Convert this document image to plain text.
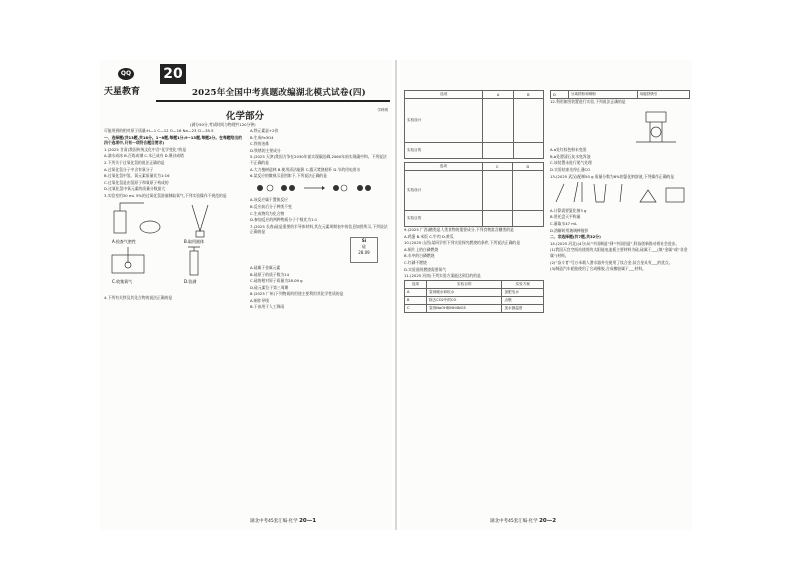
QQ
天星教育
20
2025年全国中考真题改编湖北模式试卷(四)
化学部分
学科网
(满分50分,考试时间与物理共120分钟)

可能用到的相对原子质量:H—1 C—12 O—16 Na—23 Cl—35.5

一、选择题(共13题,共18分。1~8题,每题1分;9~13题,每题2分。在每题给出的四个选项中,只有一项符合题目要求)

1.(2025 甘肃)我国传统文化中含“化学变化”的是

A.滴水成冰 B.百炼成钢 C.木已成舟 D.聚沙成塔

2.下列关于过氧化氢的说法正确的是

A.过氧化氢分子中含有氧分子

B.过氧化氢中氢、氧元素质量比为1:16

C.过氧化氢是由氢原子和氧原子构成的

D.过氧化氢中氧元素的质量分数最大

3.实验室用30 mL 5%的过氧化氢溶液制取氧气,下列实验操作不规范的是

A.检查气密性	B.取用液体
C.收集氧气	D.验满

4.下列有关铁及其化合物的说法正确的是

A.铁元素显+2价

B.生成Fe3O4

C.铁的冶炼

D.铁锈的主要成分

5.(2025 天津)我国力争在2030年前实现碳达峰,2060年前实现碳中和。下列说法不正确的是

A.大力植树造林 B.使用清洁能源 C.露天焚烧秸秆 D.节约用电用水

6.某反应的微观示意图如下,下列说法正确的是

A.该反应属于置换反应

B.反应前后分子种类不变

C.生成物均为化合物

D.参加反应的两种物质分子个数比为1:1

7.(2025 长春)硅是重要的半导体材料,其在元素周期表中的信息如图所示,下列说法正确的是

Si
硅
28.09

A.硅属于金属元素

B.硅原子的质子数为14

C.硅的相对原子质量为28.09 g

D.硅元素位于第三周期

8.(2025 广州)下列物质的用途主要利用其化学性质的是

A.铜作导线

B.干冰用于人工降雨

湖北中考45套汇编·化学 20—1
选项	A	B
实验设计		
实验目的		
选项	C	D
实验设计		
实验目的		

9.(2025 广西)糖类是人类食物的重要成分,下列食物富含糖类的是

A.鸡蛋 B.米饭 C.牛肉 D.黄瓜

10.(2025 山西)某同学用下列实验探究燃烧的条件,下列说法正确的是

A.铜片上的白磷燃烧

B.水中的白磷燃烧

C.红磷不燃烧

D.实验说明燃烧需要氧气

11.(2025 河南)下列实验方案能达到目的的是

选项	实验目的	实验方案
A	鉴别硬水和软水	加肥皂水
B	除去CO2中的CO	点燃
C	鉴别NaOH和NH4NO3	加水测温度
D	分离铁粉和铜粉	用磁铁吸引

12.利用如图装置进行实验,下列说法正确的是

A.a处红棕色粉末变黑

B.b处澄清石灰水变浑浊

C.该装置未进行尾气处理

D.实验结束先停止通CO

13.(2025 武汉)配制50 g 质量分数为6%的氯化钠溶液,下列操作正确的是

A.计算需要氯化钠3 g

B.用托盘天平称量

C.量取水47 mL

D.溶解时用玻璃棒搅拌

二、非选择题(共7题,共32分)

14.(2025 河北)(4分)从“中国制造”到“中国创造”,科技创新推动着社会进步。

(1)我国天宫空间站使用的太阳能电池板主要材料为硅,硅属于___(填“金属”或“非金属”)材料。

(2)“奋斗者”号万米载人潜水器外壳使用了钛合金,钛合金具有___的优点。

(3)制造汽车轮胎使用了合成橡胶,合成橡胶属于___材料。

湖北中考45套汇编·化学 20—2
